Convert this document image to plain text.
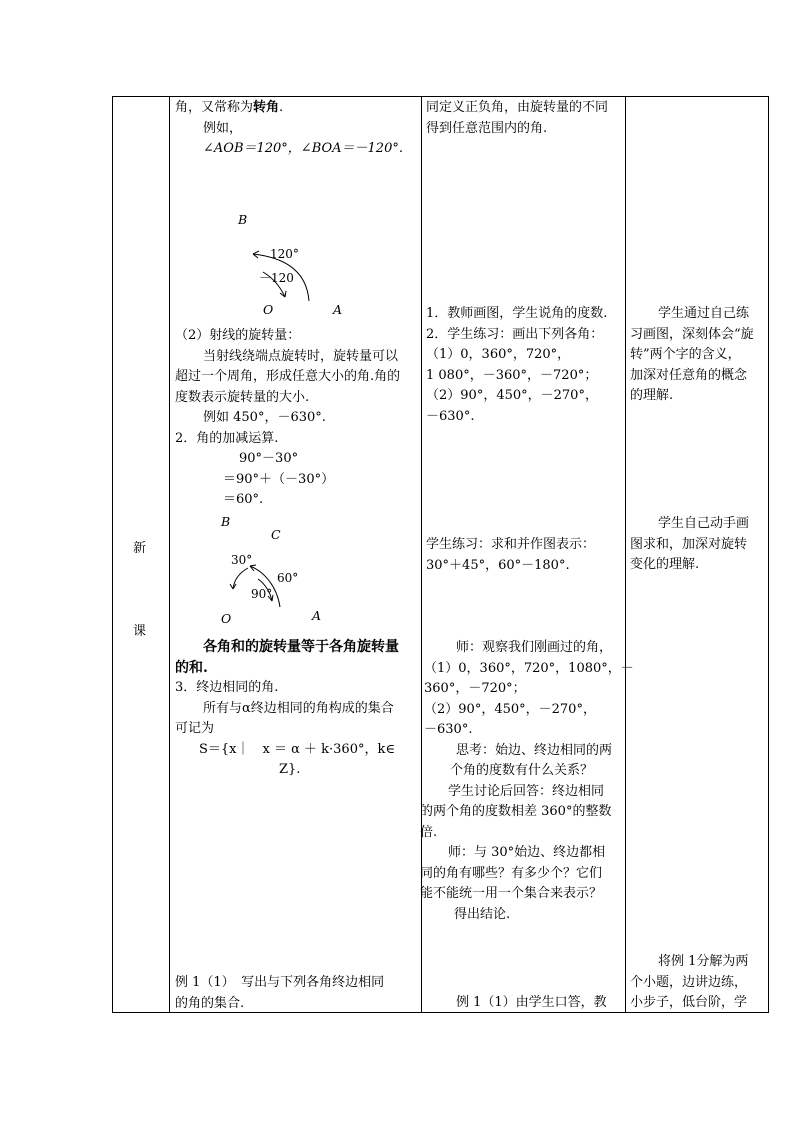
新
课

角，又常称为转角.

例如，

∠AOB＝120°，∠BOA＝－120°.

B
120°
－120
O	A

（2）射线的旋转量：

当射线绕端点旋转时，旋转量可以

超过一个周角，形成任意大小的角.角的

度数表示旋转量的大小.

例如 450°，－630°.

2．角的加减运算.

90°－30°

＝90°＋（－30°）

＝60°.

B
C
30°
60°
90°
O	A

各角和的旋转量等于各角旋转量

的和.

3．终边相同的角.

所有与α终边相同的角构成的集合

可记为

S＝{x｜　x ＝ α ＋ k·360°，k∈

Z}.

例 1（1）　写出与下列各角终边相同

的角的集合.

同定义正负角，由旋转量的不同

得到任意范围内的角.

1．教师画图，学生说角的度数.

2．学生练习：画出下列各角：

（1）0，360°，720°，

1 080°，－360°，－720°；

（2）90°，450°，－270°，

－630°.

学生练习：求和并作图表示：

30°＋45°，60°－180°.

师：观察我们刚画过的角，

（1）0，360°，720°，1080°，－

360°，－720°；

（2）90°，450°，－270°，

－630°.

思考：始边、终边相同的两

个角的度数有什么关系？

学生讨论后回答：终边相同

的两个角的度数相差 360°的整数

倍.

师：与 30°始边、终边都相

同的角有哪些？有多少个？它们

能不能统一用一个集合来表示？

得出结论.

例 1（1）由学生口答，教

学生通过自己练

习画图，深刻体会“旋

转”两个字的含义，

加深对任意角的概念

的理解.

学生自己动手画

图求和，加深对旋转

变化的理解.

将例 1分解为两

个小题，边讲边练，

小步子，低台阶，学
